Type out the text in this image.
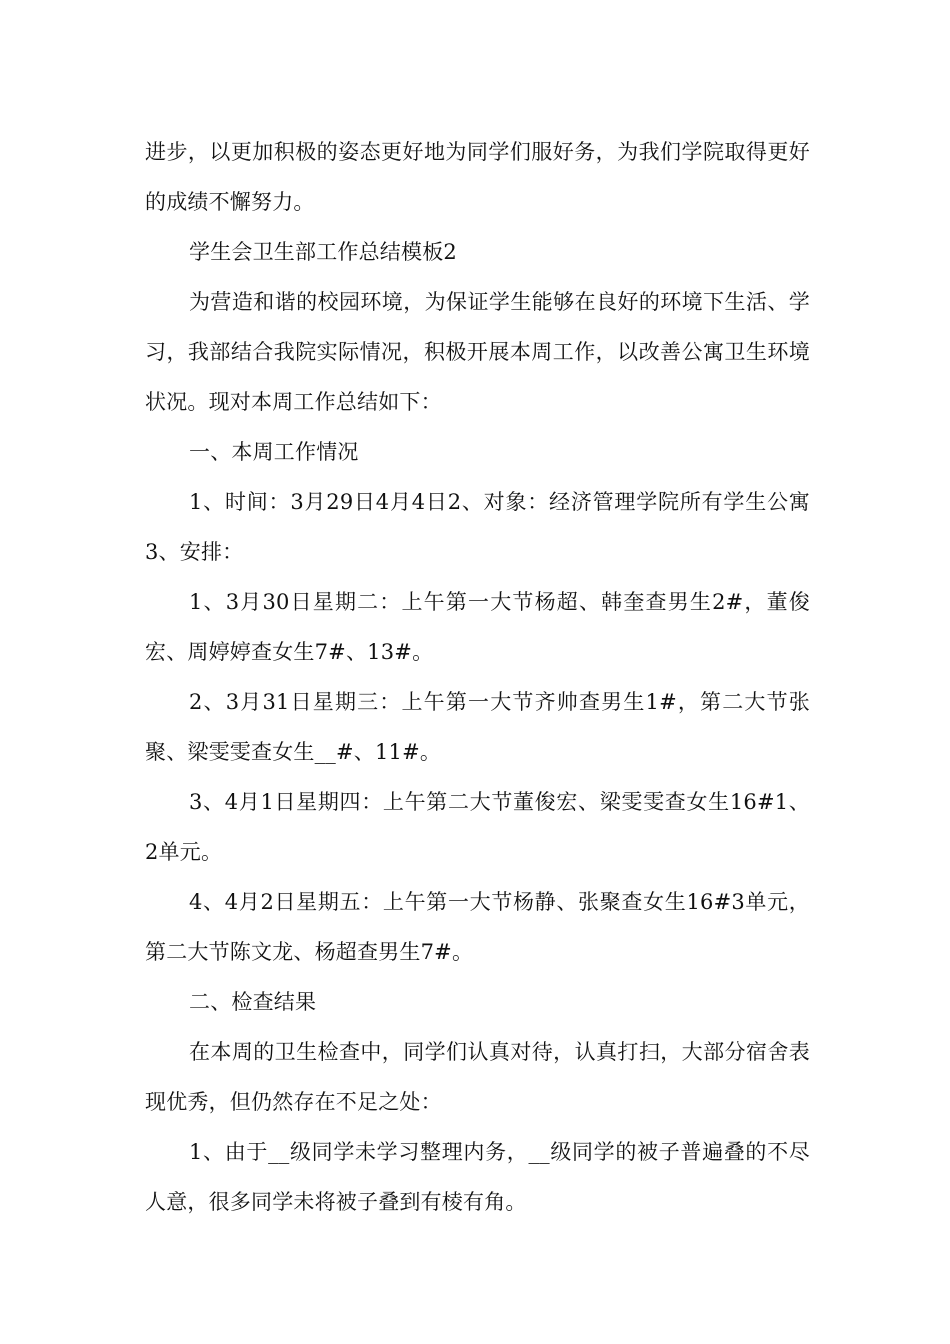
进步，以更加积极的姿态更好地为同学们服好务，为我们学院取得更好的成绩不懈努力。

学生会卫生部工作总结模板2

为营造和谐的校园环境，为保证学生能够在良好的环境下生活、学习，我部结合我院实际情况，积极开展本周工作，以改善公寓卫生环境状况。现对本周工作总结如下：

一、本周工作情况

1、时间：3月29日4月4日2、对象：经济管理学院所有学生公寓3、安排：

1、3月30日星期二：上午第一大节杨超、韩奎查男生2#，董俊宏、周婷婷查女生7#、13#。

2、3月31日星期三：上午第一大节齐帅查男生1#，第二大节张聚、梁雯雯查女生__#、11#。

3、4月1日星期四：上午第二大节董俊宏、梁雯雯查女生16#1、2单元。

4、4月2日星期五：上午第一大节杨静、张聚查女生16#3单元，第二大节陈文龙、杨超查男生7#。

二、检查结果

在本周的卫生检查中，同学们认真对待，认真打扫，大部分宿舍表现优秀，但仍然存在不足之处：

1、由于__级同学未学习整理内务，__级同学的被子普遍叠的不尽人意，很多同学未将被子叠到有棱有角。
